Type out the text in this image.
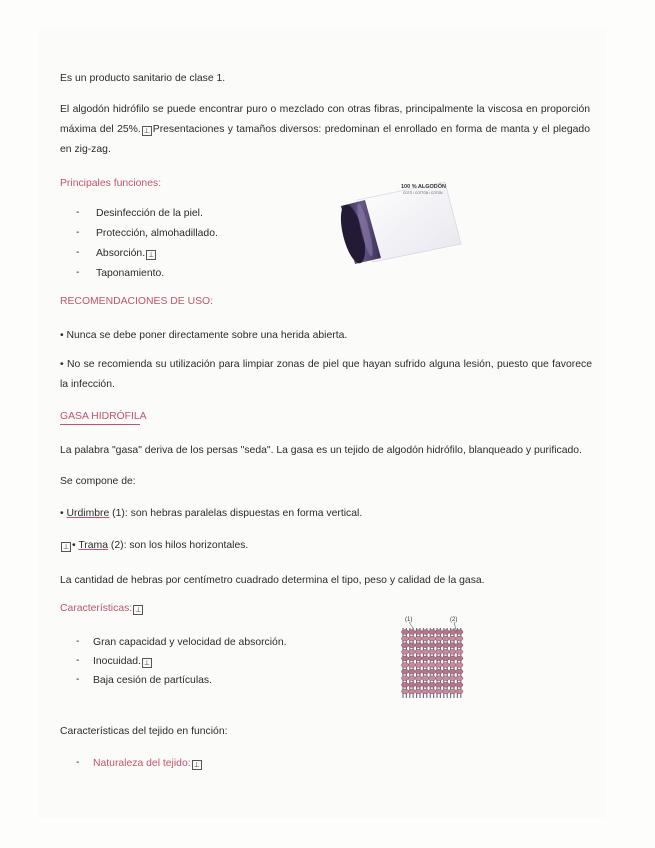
Es un producto sanitario de clase 1.
El algodón hidrófilo se puede encontrar puro o mezclado con otras fibras, principalmente la viscosa en proporción máxima del 25%. ⊥ Presentaciones y tamaños diversos: predominan el enrollado en forma de manta y el plegado en zig-zag.
Principales funciones:
- Desinfección de la piel.
- Protección, almohadillado.
- Absorción. ⊥
- Taponamiento.
100 % ALGODÓN
COTÓ / COTTON / COTON
RECOMENDACIONES DE USO:
• Nunca se debe poner directamente sobre una herida abierta.
• No se recomienda su utilización para limpiar zonas de piel que hayan sufrido alguna lesión, puesto que favorece la infección.
GASA HIDRÓFILA
La palabra "gasa" deriva de los persas "seda". La gasa es un tejido de algodón hidrófilo, blanqueado y purificado.
Se compone de:
• Urdimbre (1): son hebras paralelas dispuestas en forma vertical.
⊥ • Trama (2): son los hilos horizontales.
La cantidad de hebras por centímetro cuadrado determina el tipo, peso y calidad de la gasa.
Características: ⊥
- Gran capacidad y velocidad de absorción.
- Inocuidad. ⊥
- Baja cesión de partículas.
(1)	(2)
Características del tejido en función:
- Naturaleza del tejido: ⊥
